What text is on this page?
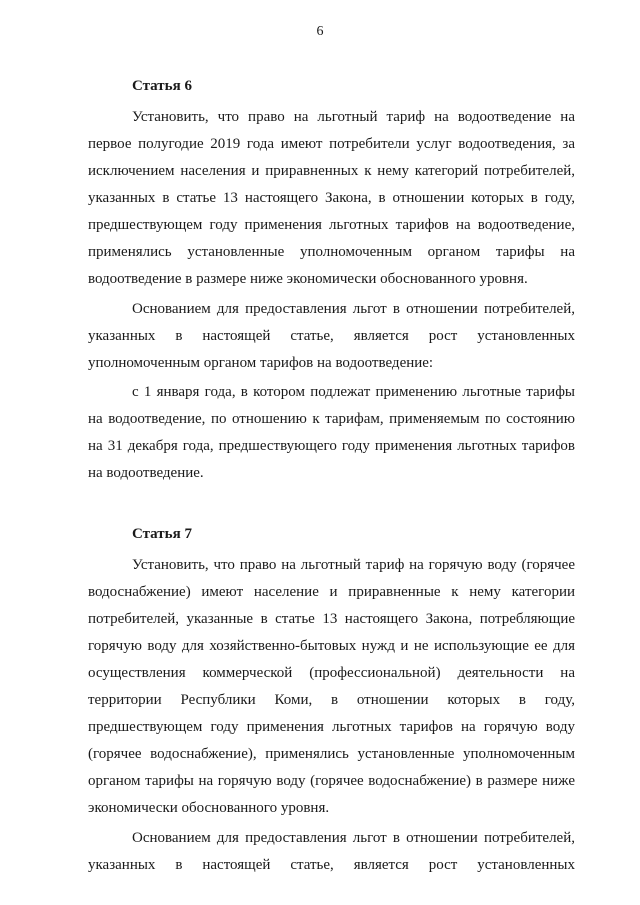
6

Статья 6

Установить, что право на льготный тариф на водоотведение на

первое полугодие 2019 года имеют потребители услуг водоотведения, за

исключением населения и приравненных к нему категорий потребителей,

указанных в статье 13 настоящего Закона, в отношении которых в году,

предшествующем году применения льготных тарифов на водоотведение,

применялись установленные уполномоченным органом тарифы на

водоотведение в размере ниже экономически обоснованного уровня.

Основанием для предоставления льгот в отношении потребителей,

указанных в настоящей статье, является рост установленных

уполномоченным органом тарифов на водоотведение:

с 1 января года, в котором подлежат применению льготные тарифы

на водоотведение, по отношению к тарифам, применяемым по состоянию

на 31 декабря года, предшествующего году применения льготных тарифов

на водоотведение.

Статья 7

Установить, что право на льготный тариф на горячую воду (горячее

водоснабжение) имеют население и приравненные к нему категории

потребителей, указанные в статье 13 настоящего Закона, потребляющие

горячую воду для хозяйственно-бытовых нужд и не использующие ее для

осуществления коммерческой (профессиональной) деятельности на

территории Республики Коми, в отношении которых в году,

предшествующем году применения льготных тарифов на горячую воду

(горячее водоснабжение), применялись установленные уполномоченным

органом тарифы на горячую воду (горячее водоснабжение) в размере ниже

экономически обоснованного уровня.

Основанием для предоставления льгот в отношении потребителей,

указанных в настоящей статье, является рост установленных
